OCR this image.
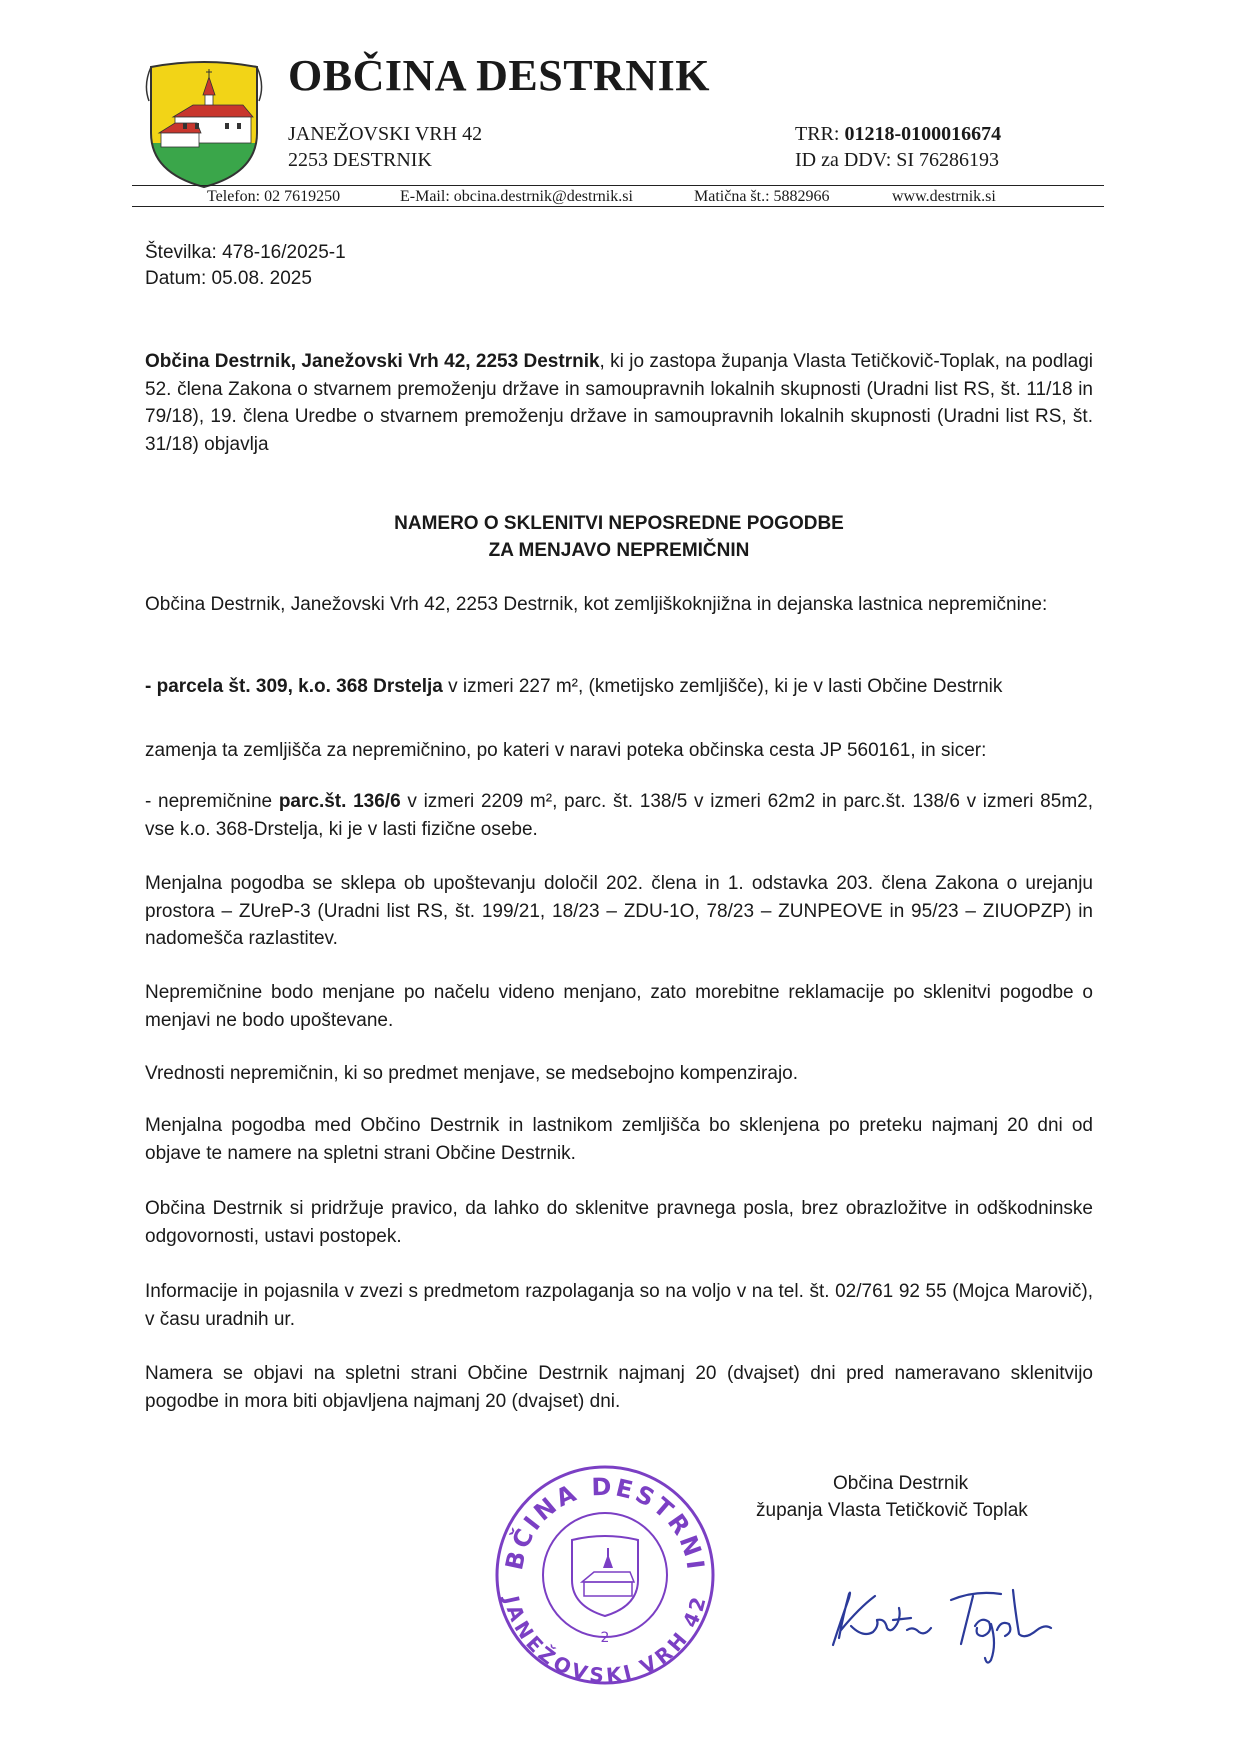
OBČINA DESTRNIK
JANEŽOVSKI VRH 42
2253 DESTRNIK
TRR: 01218-0100016674
ID za DDV: SI 76286193
Telefon: 02 7619250	E-Mail: obcina.destrnik@destrnik.si	Matična št.: 5882966	www.destrnik.si
Številka: 478-16/2025-1
Datum: 05.08. 2025
Občina Destrnik, Janežovski Vrh 42, 2253 Destrnik, ki jo zastopa županja Vlasta Tetičkovič-Toplak, na podlagi 52. člena Zakona o stvarnem premoženju države in samoupravnih lokalnih skupnosti (Uradni list RS, št. 11/18 in 79/18), 19. člena Uredbe o stvarnem premoženju države in samoupravnih lokalnih skupnosti (Uradni list RS, št. 31/18) objavlja
NAMERO O SKLENITVI NEPOSREDNE POGODBE
ZA MENJAVO NEPREMIČNIN
Občina Destrnik, Janežovski Vrh 42, 2253 Destrnik, kot zemljiškoknjižna in dejanska lastnica nepremičnine:
- parcela št. 309, k.o. 368 Drstelja v izmeri 227 m², (kmetijsko zemljišče), ki je v lasti Občine Destrnik
zamenja ta zemljišča za nepremičnino, po kateri v naravi poteka občinska cesta JP 560161, in sicer:
- nepremičnine parc.št. 136/6 v izmeri 2209 m², parc. št. 138/5 v izmeri 62m2 in parc.št. 138/6 v izmeri 85m2, vse k.o. 368-Drstelja, ki je v lasti fizične osebe.
Menjalna pogodba se sklepa ob upoštevanju določil 202. člena in 1. odstavka 203. člena Zakona o urejanju prostora – ZUreP-3 (Uradni list RS, št. 199/21, 18/23 – ZDU-1O, 78/23 – ZUNPEOVE in 95/23 – ZIUOPZP) in nadomešča razlastitev.
Nepremičnine bodo menjane po načelu videno menjano, zato morebitne reklamacije po sklenitvi pogodbe o menjavi ne bodo upoštevane.
Vrednosti nepremičnin, ki so predmet menjave, se medsebojno kompenzirajo.
Menjalna pogodba med Občino Destrnik in lastnikom zemljišča bo sklenjena po preteku najmanj 20 dni od objave te namere na spletni strani Občine Destrnik.
Občina Destrnik si pridržuje pravico, da lahko do sklenitve pravnega posla, brez obrazložitve in odškodninske odgovornosti, ustavi postopek.
Informacije in pojasnila v zvezi s predmetom razpolaganja so na voljo v na tel. št. 02/761 92 55 (Mojca Marovič), v času uradnih ur.
Namera se objavi na spletni strani Občine Destrnik najmanj 20 (dvajset) dni pred nameravano sklenitvijo pogodbe in mora biti objavljena najmanj 20 (dvajset) dni.
BČINA DESTRNI
JANEŽOVSKI VRH 42
2
Občina Destrnik
županja Vlasta Tetičkovič Toplak
